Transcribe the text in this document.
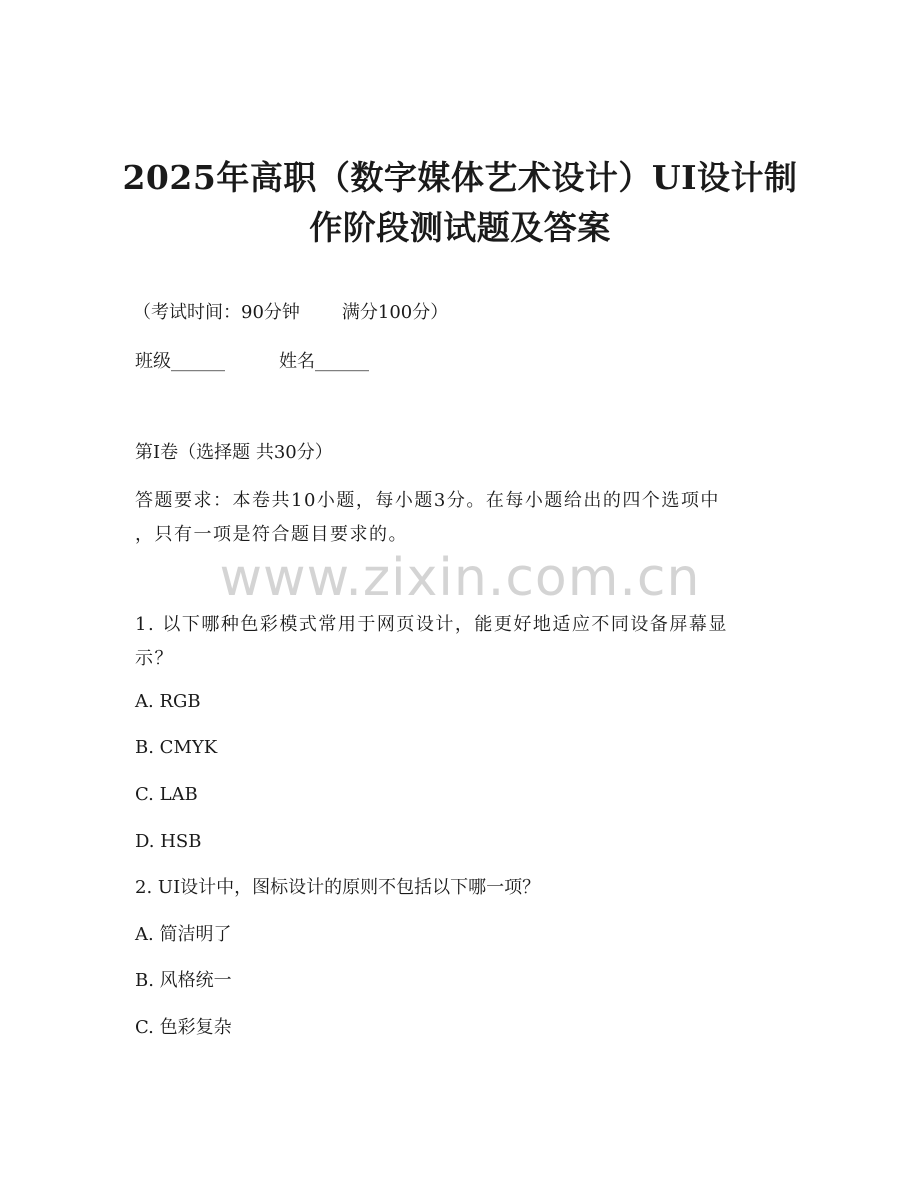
2025年高职（数字媒体艺术设计）UI设计制
作阶段测试题及答案

（考试时间：90分钟 满分100分）

班级______	姓名______

第I卷（选择题 共30分）

答题要求：本卷共10小题，每小题3分。在每小题给出的四个选项中
，只有一项是符合题目要求的。

www.zixin.com.cn

1. 以下哪种色彩模式常用于网页设计，能更好地适应不同设备屏幕显
示？

A. RGB

B. CMYK

C. LAB

D. HSB

2. UI设计中，图标设计的原则不包括以下哪一项？

A. 简洁明了

B. 风格统一

C. 色彩复杂
